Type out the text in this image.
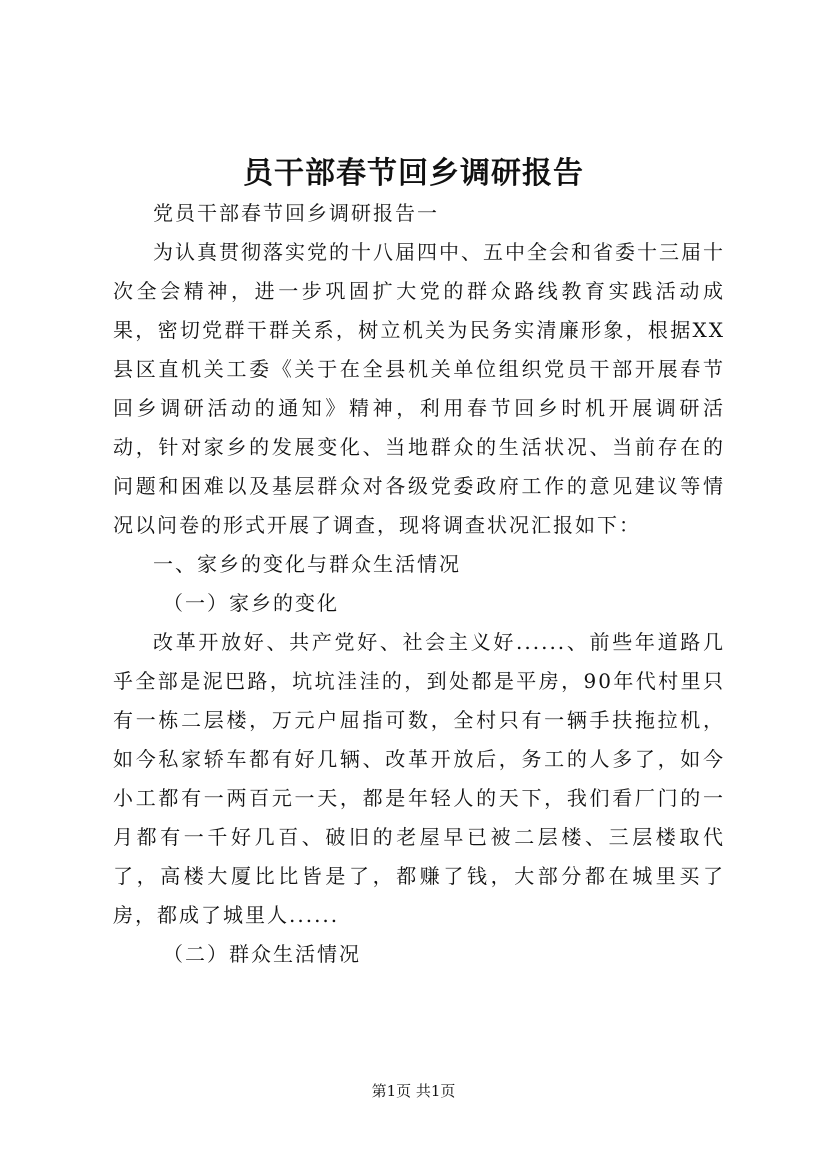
员干部春节回乡调研报告

党员干部春节回乡调研报告一

为认真贯彻落实党的十八届四中、五中全会和省委十三届十次全会精神，进一步巩固扩大党的群众路线教育实践活动成果，密切党群干群关系，树立机关为民务实清廉形象，根据XX县区直机关工委《关于在全县机关单位组织党员干部开展春节回乡调研活动的通知》精神，利用春节回乡时机开展调研活动，针对家乡的发展变化、当地群众的生活状况、当前存在的问题和困难以及基层群众对各级党委政府工作的意见建议等情况以问卷的形式开展了调查，现将调查状况汇报如下：

一、家乡的变化与群众生活情况

（一）家乡的变化

改革开放好、共产党好、社会主义好......、前些年道路几乎全部是泥巴路，坑坑洼洼的，到处都是平房，90年代村里只有一栋二层楼，万元户屈指可数，全村只有一辆手扶拖拉机，如今私家轿车都有好几辆、改革开放后，务工的人多了，如今小工都有一两百元一天，都是年轻人的天下，我们看厂门的一月都有一千好几百、破旧的老屋早已被二层楼、三层楼取代了，高楼大厦比比皆是了，都赚了钱，大部分都在城里买了房，都成了城里人......

（二）群众生活情况

第1页 共1页
